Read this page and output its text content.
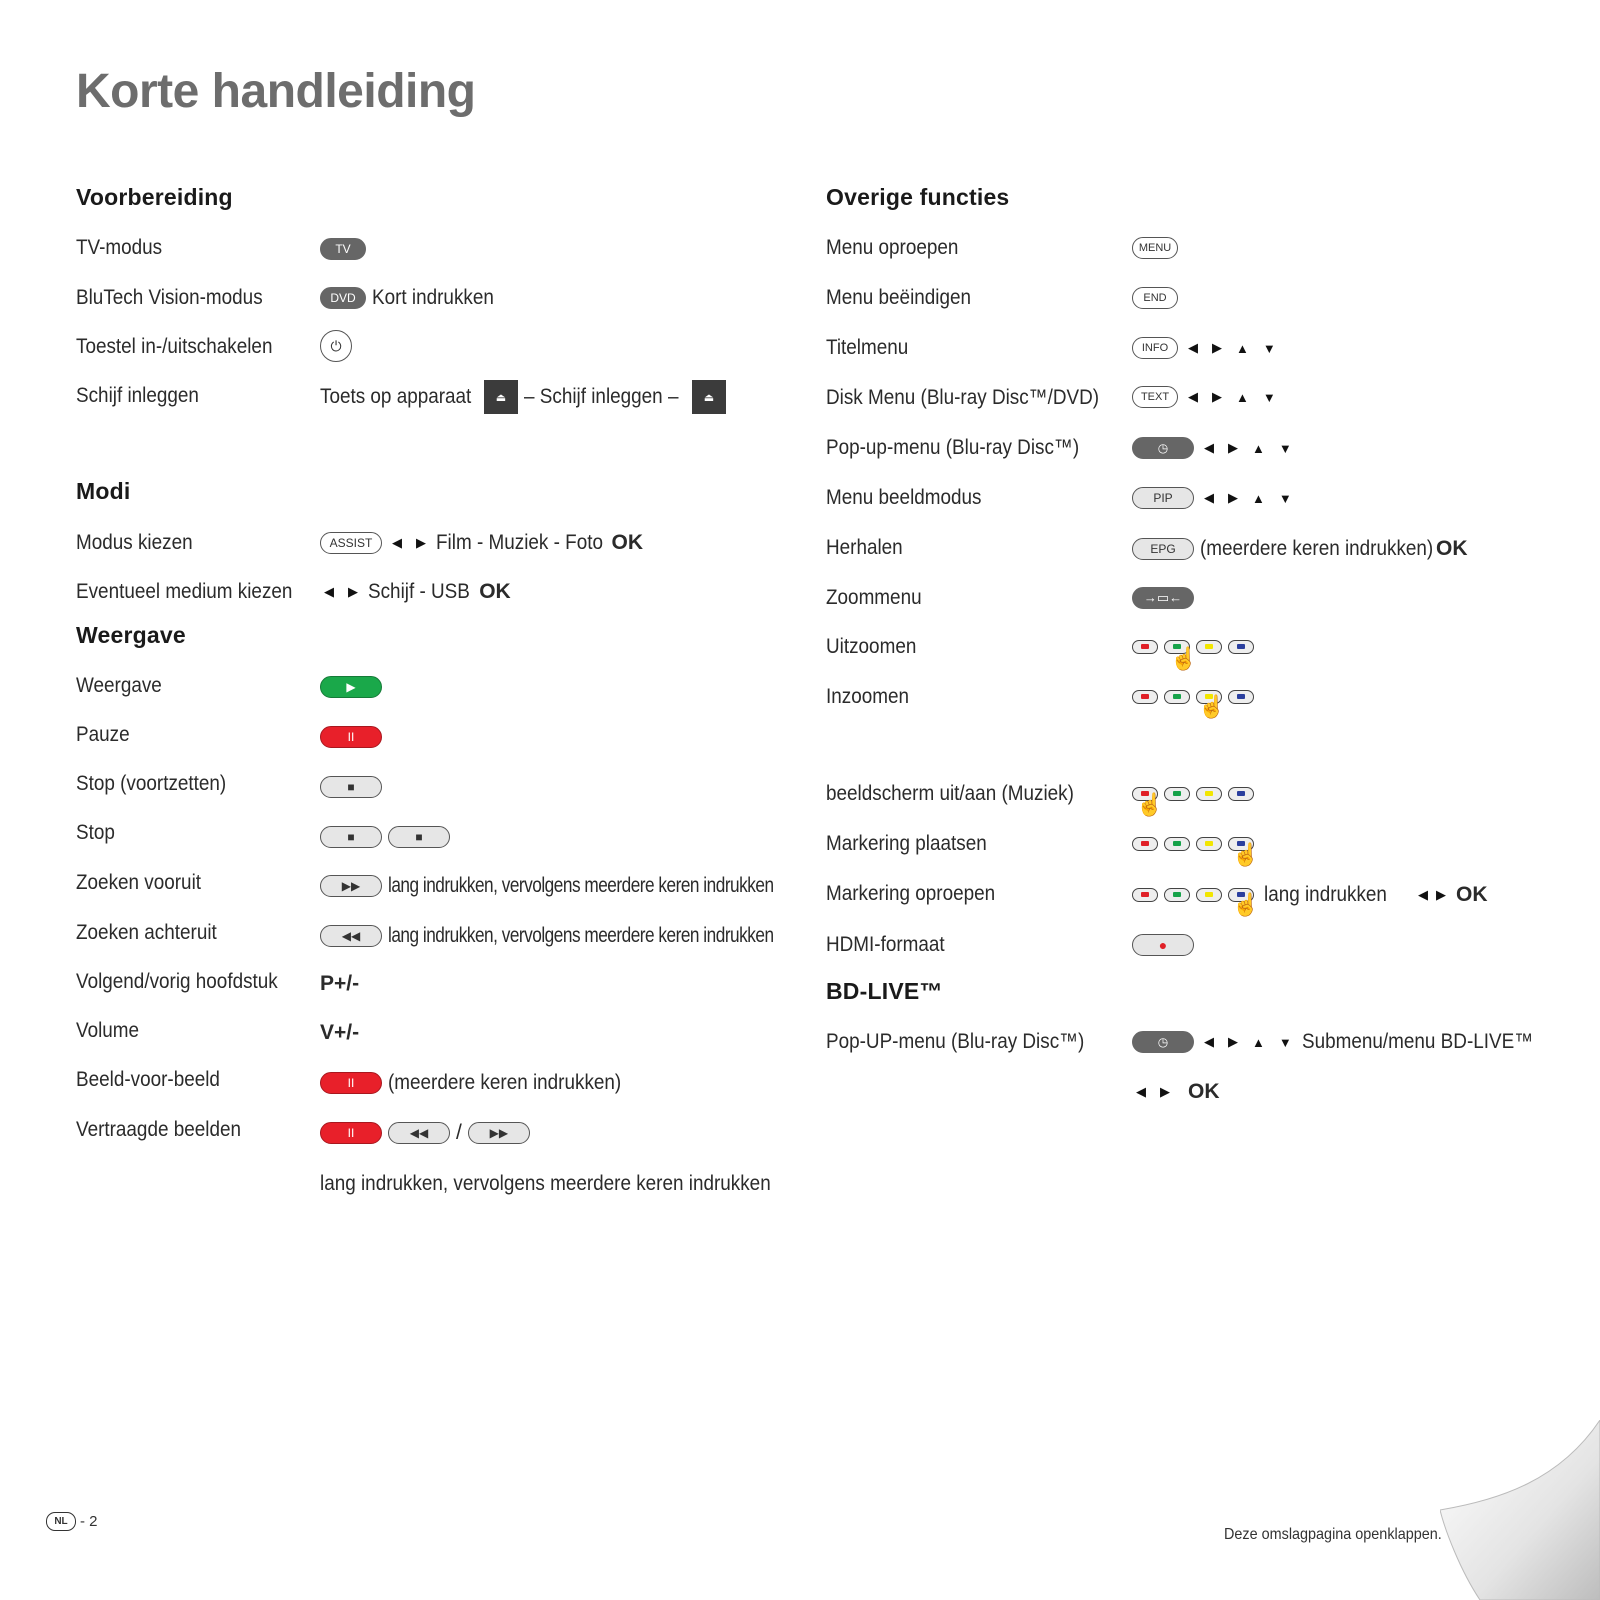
Korte handleiding
Voorbereiding
TV-modus	TV
BluTech Vision-modus	DVD Kort indrukken
Toestel in-/uitschakelen	⏻
Schijf inleggen	Toets op apparaat	⏏ – Schijf inleggen –	⏏
Modi
Modus kiezen	ASSIST	◀ ▶ Film - Muziek - Foto OK
Eventueel medium kiezen ◀ ▶ Schijf - USB OK
Weergave
Weergave	▶
Pauze	II
Stop (voortzetten)	■
Stop	■	■
Zoeken vooruit	▶▶	lang indrukken, vervolgens meerdere keren indrukken
Zoeken achteruit	◀◀	lang indrukken, vervolgens meerdere keren indrukken
Volgend/vorig hoofdstuk P+/-
Volume	V+/-
Beeld-voor-beeld	II	(meerdere keren indrukken)
Vertraagde beelden	II	◀◀	/	▶▶
lang indrukken, vervolgens meerdere keren indrukken
Overige functies
Menu oproepen	MENU
Menu beëindigen	END
Titelmenu	INFO	◀ ▶ ▲ ▼
Disk Menu (Blu-ray Disc™/DVD)	TEXT	◀ ▶ ▲ ▼
Pop-up-menu (Blu-ray Disc™)	◷	◀ ▶ ▲ ▼
Menu beeldmodus	PIP	◀ ▶ ▲ ▼
Herhalen	EPG	(meerdere keren indrukken) OK
Zoommenu	→▭←
Uitzoomen	☝
Inzoomen	☝
beeldscherm uit/aan (Muziek)	☝
Markering plaatsen	☝
Markering oproepen	lang indrukken	◀ ▶ OK
☝
HDMI-formaat	●
BD-LIVE™
Pop-UP-menu (Blu-ray Disc™)	◷	◀ ▶ ▲ ▼ Submenu/menu BD-LIVE™
◀ ▶ OK
NL - 2
Deze omslagpagina openklappen.
